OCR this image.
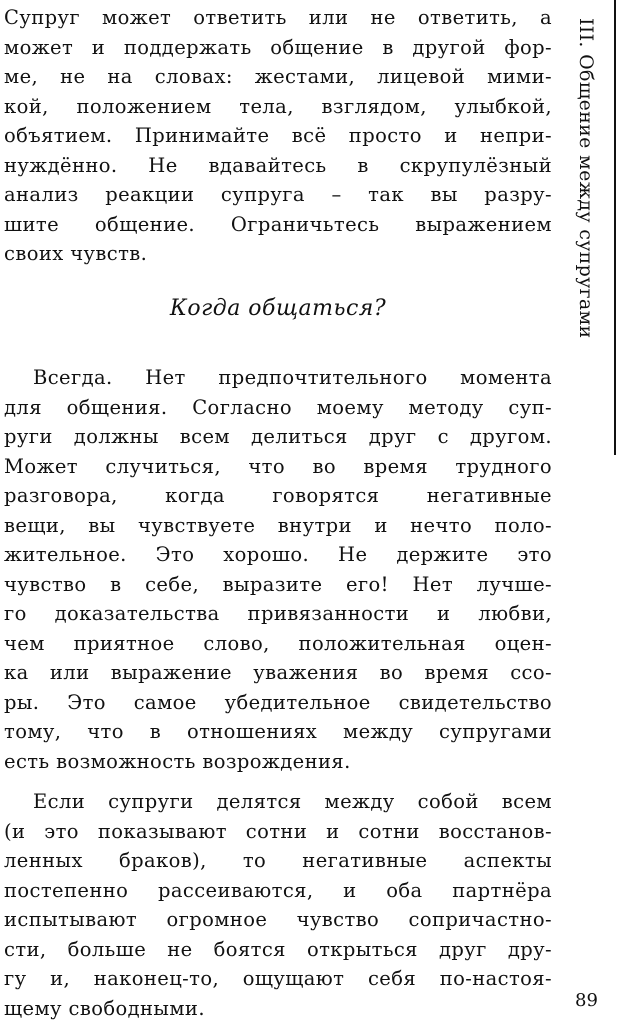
Супруг может ответить или не ответить, а
может и поддержать общение в другой фор-
ме, не на словах: жестами, лицевой мими-
кой, положением тела, взглядом, улыбкой,
объятием. Принимайте всё просто и непри-
нуждённо. Не вдавайтесь в скрупулёзный
анализ реакции супруга – так вы разру-
шите общение. Ограничьтесь выражением
своих чувств.
Когда общаться?
Всегда. Нет предпочтительного момента
для общения. Согласно моему методу суп-
руги должны всем делиться друг с другом.
Может случиться, что во время трудного
разговора, когда говорятся негативные
вещи, вы чувствуете внутри и нечто поло-
жительное. Это хорошо. Не держите это
чувство в себе, выразите его! Нет лучше-
го доказательства привязанности и любви,
чем приятное слово, положительная оцен-
ка или выражение уважения во время ссо-
ры. Это самое убедительное свидетельство
тому, что в отношениях между супругами
есть возможность возрождения.
Если супруги делятся между собой всем
(и это показывают сотни и сотни восстанов-
ленных браков), то негативные аспекты
постепенно рассеиваются, и оба партнёра
испытывают огромное чувство сопричастно-
сти, больше не боятся открыться друг дру-
гу и, наконец-то, ощущают себя по-настоя-
щему свободными.
III. Общение между супругами
89
